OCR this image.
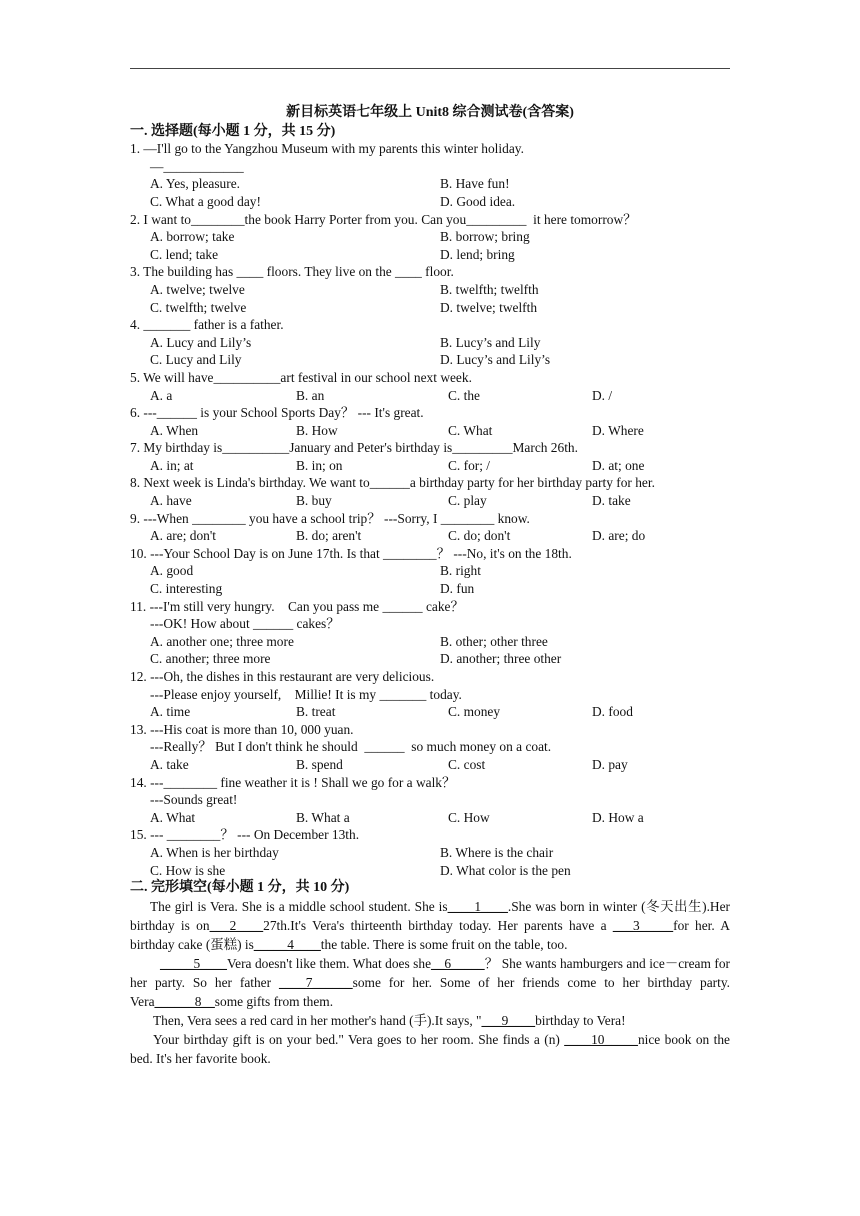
新目标英语七年级上 Unit8 综合测试卷(含答案)
一. 选择题(每小题 1 分，共 15 分)
1. —I'll go to the Yangzhou Museum with my parents this winter holiday.
—____________
A. Yes, pleasure.	B. Have fun!
C. What a good day!	D. Good idea.
2. I want to________the book Harry Porter from you. Can you_________  it here tomorrow？
A. borrow; take	B. borrow; bring
C. lend; take	D. lend; bring
3. The building has ____ floors. They live on the ____ floor.
A. twelve; twelve	B. twelfth; twelfth
C. twelfth; twelve	D. twelve; twelfth
4. _______ father is a father.
A. Lucy and Lily’s	B. Lucy’s and Lily
C. Lucy and Lily	D. Lucy’s and Lily’s
5. We will have__________art festival in our school next week.
A. a	B. an	C. the	D. /
6. ---______ is your School Sports Day？ --- It's great.
A. When	B. How	C. What	D. Where
7. My birthday is__________January and Peter's birthday is_________March 26th.
A. in; at	B. in; on	C. for; /	D. at; one
8. Next week is Linda's birthday. We want to______a birthday party for her birthday party for her.
A. have	B. buy	C. play	D. take
9. ---When ________ you have a school trip？ ---Sorry, I ________ know.
A. are; don't	B. do; aren't	C. do; don't	D. are; do
10. ---Your School Day is on June 17th. Is that ________？ ---No, it's on the 18th.
A. good	B. right
C. interesting	D. fun
11. ---I'm still very hungry.    Can you pass me ______ cake？
---OK! How about ______ cakes？
A. another one; three more	B. other; other three
C. another; three more	D. another; three other
12. ---Oh, the dishes in this restaurant are very delicious.
---Please enjoy yourself,    Millie! It is my _______ today.
A. time	B. treat	C. money	D. food
13. ---His coat is more than 10, 000 yuan.
---Really？ But I don't think he should  ______  so much money on a coat.
A. take	B. spend	C. cost	D. pay
14. ---________ fine weather it is ! Shall we go for a walk？
---Sounds great!
A. What	B. What a	C. How	D. How a
15. --- ________？ --- On December 13th.
A. When is her birthday	B. Where is the chair
C. How is she	D. What color is the pen
二. 完形填空(每小题 1 分，共 10 分)

The girl is Vera. She is a middle school student. She is____1____.She was born in winter (冬天出生).Her birthday is on___2____27th.It's Vera's thirteenth birthday today. Her parents have a ___3_____for her. A birthday cake (蛋糕) is_____4____the table. There is some fruit on the table, too.

_____5____Vera doesn't like them. What does she__6_____？ She wants hamburgers and ice－cream for her party. So her father ____7______some for her. Some of her friends come to her birthday party. Vera______8__some gifts from them.

Then, Vera sees a red card in her mother's hand (手).It says, "___9____birthday to Vera!

Your birthday gift is on your bed." Vera goes to her room. She finds a (n) ____10_____nice book on the bed. It's her favorite book.
